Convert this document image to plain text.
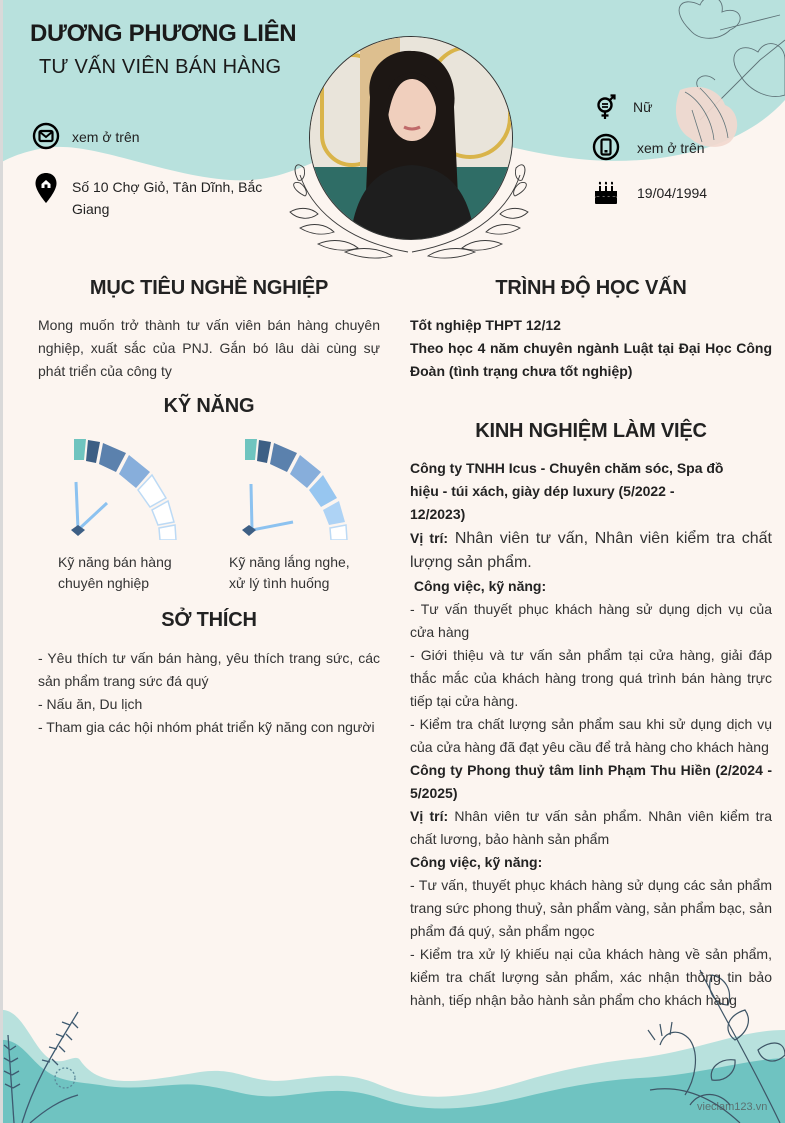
DƯƠNG PHƯƠNG LIÊN
TƯ VẤN VIÊN BÁN HÀNG
xem ở trên
Số 10 Chợ Giỏ, Tân Dĩnh, Bắc Giang
Nữ
xem ở trên
19/04/1994
MỤC TIÊU NGHỀ NGHIỆP
Mong muốn trở thành tư vấn viên bán hàng chuyên nghiệp, xuất sắc của PNJ. Gắn bó lâu dài cùng sự phát triển của công ty
KỸ NĂNG
Kỹ năng bán hàng
chuyên nghiệp
Kỹ năng lắng nghe,
xử lý tình huống
SỞ THÍCH

- Yêu thích tư vấn bán hàng, yêu thích trang sức, các sản phẩm trang sức đá quý

- Nấu ăn, Du lịch

- Tham gia các hội nhóm phát triển kỹ năng con người

TRÌNH ĐỘ HỌC VẤN

Tốt nghiệp THPT 12/12

Theo học 4 năm chuyên ngành Luật tại Đại Học Công Đoàn (tình trạng chưa tốt nghiệp)

KINH NGHIỆM LÀM VIỆC

Công ty TNHH Icus - Chuyên chăm sóc, Spa đồ hiệu - túi xách, giày dép luxury (5/2022 - 12/2023)

Vị trí: Nhân viên tư vấn, Nhân viên kiểm tra chất lượng sản phẩm.

Công việc, kỹ năng:

- Tư vấn thuyết phục khách hàng sử dụng dịch vụ của cửa hàng

- Giới thiệu và tư vấn sản phẩm tại cửa hàng, giải đáp thắc mắc của khách hàng trong quá trình bán hàng trực tiếp tại cửa hàng.

- Kiểm tra chất lượng sản phẩm sau khi sử dụng dịch vụ của cửa hàng đã đạt yêu cầu để trả hàng cho khách hàng

Công ty Phong thuỷ tâm linh Phạm Thu Hiền (2/2024 - 5/2025)

Vị trí: Nhân viên tư vấn sản phẩm. Nhân viên kiểm tra chất lương, bảo hành sản phẩm

Công việc, kỹ năng:

- Tư vấn, thuyết phục khách hàng sử dụng các sản phẩm trang sức phong thuỷ, sản phẩm vàng, sản phẩm bạc, sản phẩm đá quý, sản phẩm ngọc

- Kiểm tra xử lý khiếu nại của khách hàng về sản phẩm, kiểm tra chất lượng sản phẩm, xác nhận thông tin bảo hành, tiếp nhận bảo hành sản phẩm cho khách hàng

vieclam123.vn
